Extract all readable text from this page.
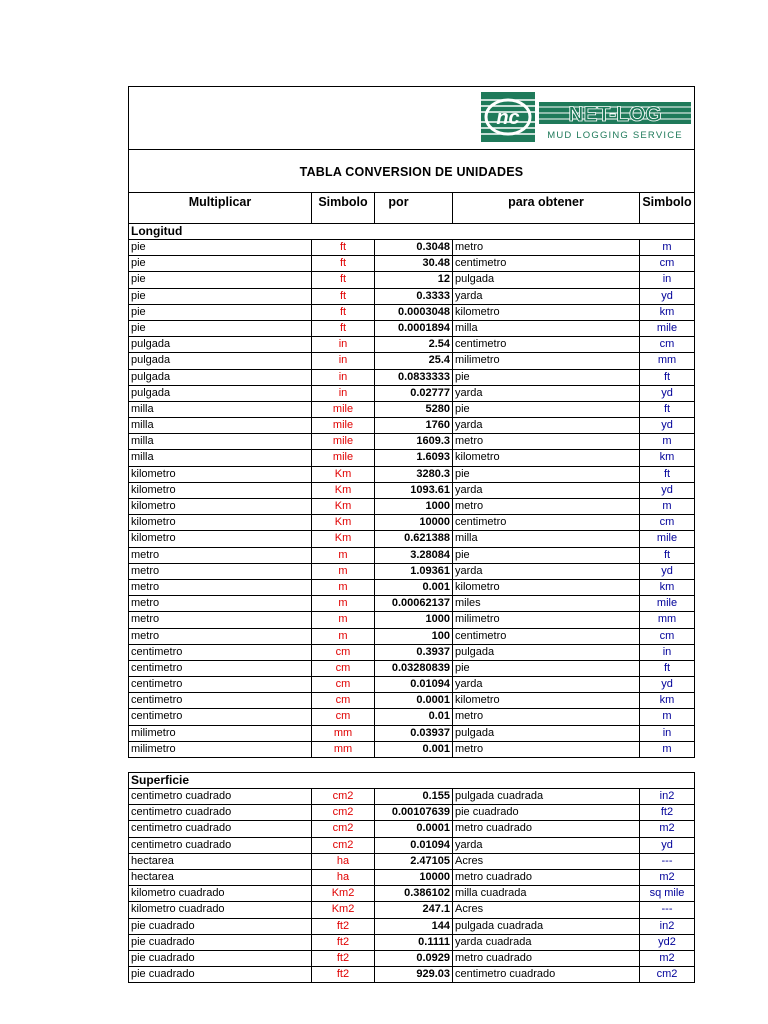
nc NET-LOG
MUD LOGGING SERVICE
TABLA CONVERSION DE UNIDADES
Multiplicar	Simbolo	por	para obtener	Simbolo
Longitud
pie	ft	0.3048 metro	m
pie	ft	30.48 centimetro	cm
pie	ft	12 pulgada	in
pie	ft	0.3333 yarda	yd
pie	ft	0.0003048 kilometro	km
pie	ft	0.0001894 milla	mile
pulgada	in	2.54 centimetro	cm
pulgada	in	25.4 milimetro	mm
pulgada	in	0.0833333 pie	ft
pulgada	in	0.02777 yarda	yd
milla	mile	5280 pie	ft
milla	mile	1760 yarda	yd
milla	mile	1609.3 metro	m
milla	mile	1.6093 kilometro	km
kilometro	Km	3280.3 pie	ft
kilometro	Km	1093.61 yarda	yd
kilometro	Km	1000 metro	m
kilometro	Km	10000 centimetro	cm
kilometro	Km	0.621388 milla	mile
metro	m	3.28084 pie	ft
metro	m	1.09361 yarda	yd
metro	m	0.001 kilometro	km
metro	m	0.00062137 miles	mile
metro	m	1000 milimetro	mm
metro	m	100 centimetro	cm
centimetro	cm	0.3937 pulgada	in
centimetro	cm	0.03280839 pie	ft
centimetro	cm	0.01094 yarda	yd
centimetro	cm	0.0001 kilometro	km
centimetro	cm	0.01 metro	m
milimetro	mm	0.03937 pulgada	in
milimetro	mm	0.001 metro	m
Superficie
centimetro cuadrado	cm2	0.155 pulgada cuadrada	in2
centimetro cuadrado	cm2	0.00107639 pie cuadrado	ft2
centimetro cuadrado	cm2	0.0001 metro cuadrado	m2
centimetro cuadrado	cm2	0.01094 yarda	yd
hectarea	ha	2.47105 Acres	---
hectarea	ha	10000 metro cuadrado	m2
kilometro cuadrado	Km2	0.386102 milla cuadrada	sq mile
kilometro cuadrado	Km2	247.1 Acres	---
pie cuadrado	ft2	144 pulgada cuadrada	in2
pie cuadrado	ft2	0.1111 yarda cuadrada	yd2
pie cuadrado	ft2	0.0929 metro cuadrado	m2
pie cuadrado	ft2	929.03 centimetro cuadrado	cm2
